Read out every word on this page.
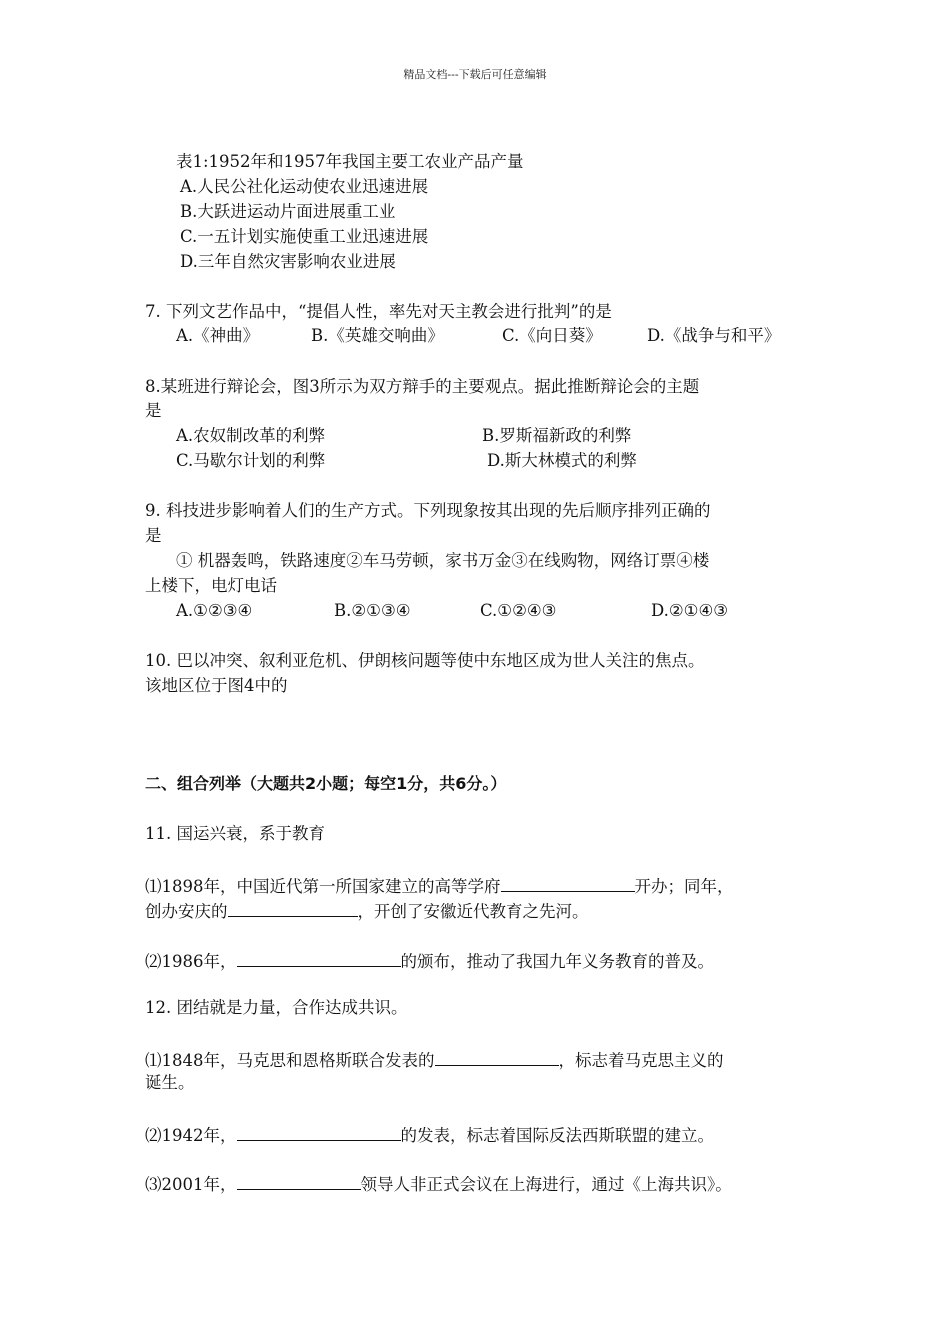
精品文档---下载后可任意编辑
表1:1952年和1957年我国主要工农业产品产量
A.人民公社化运动使农业迅速进展
B.大跃进运动片面进展重工业
C.一五计划实施使重工业迅速进展
D.三年自然灾害影响农业进展
7. 下列文艺作品中，“提倡人性，率先对天主教会进行批判”的是
A.《神曲》	B.《英雄交响曲》	C.《向日葵》	D.《战争与和平》
8.某班进行辩论会，图3所示为双方辩手的主要观点。据此推断辩论会的主题
是
A.农奴制改革的利弊	B.罗斯福新政的利弊
C.马歇尔计划的利弊	D.斯大林模式的利弊
9. 科技进步影响着人们的生产方式。下列现象按其出现的先后顺序排列正确的
是
① 机器轰鸣，铁路速度②车马劳顿，家书万金③在线购物，网络订票④楼
上楼下，电灯电话
A.①②③④	B.②①③④	C.①②④③	D.②①④③
10. 巴以冲突、叙利亚危机、伊朗核问题等使中东地区成为世人关注的焦点。
该地区位于图4中的
二、组合列举（大题共2小题；每空1分，共6分。）
11. 国运兴衰，系于教育
⑴1898年，中国近代第一所国家建立的高等学府	开办；同年，
创办安庆的	，开创了安徽近代教育之先河。
⑵1986年，	的颁布，推动了我国九年义务教育的普及。
12. 团结就是力量，合作达成共识。
⑴1848年，马克思和恩格斯联合发表的	，标志着马克思主义的
诞生。
⑵1942年，	的发表，标志着国际反法西斯联盟的建立。
⑶2001年，	领导人非正式会议在上海进行，通过《上海共识》。
